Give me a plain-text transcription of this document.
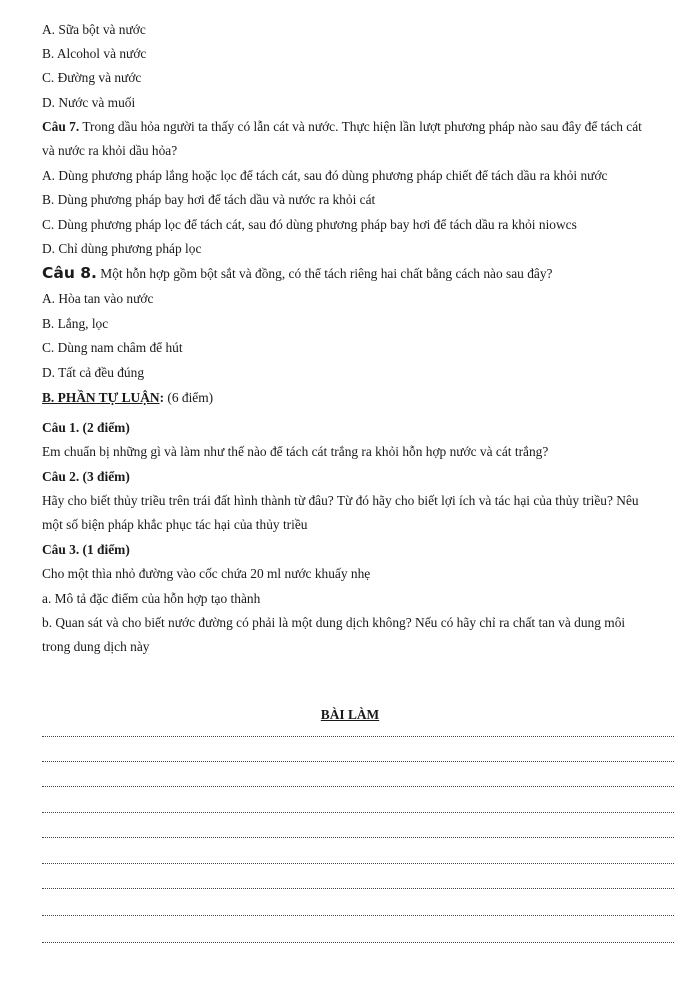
A. Sữa bột và nước
B. Alcohol và nước
C. Đường và nước
D. Nước và muối
Câu 7. Trong dầu hỏa người ta thấy có lẫn cát và nước. Thực hiện lần lượt phương pháp nào sau đây để tách cát
và nước ra khỏi dầu hỏa?
A. Dùng phương pháp lắng hoặc lọc để tách cát, sau đó dùng phương pháp chiết để tách dầu ra khỏi nước
B. Dùng phương pháp bay hơi để tách dầu và nước ra khỏi cát
C. Dùng phương pháp lọc để tách cát, sau đó dùng phương pháp bay hơi để tách dầu ra khỏi niowcs
D. Chỉ dùng phương pháp lọc
Câu 8. Một hỗn hợp gồm bột sắt và đồng, có thể tách riêng hai chất bằng cách nào sau đây?
A. Hòa tan vào nước
B. Lắng, lọc
C. Dùng nam châm để hút
D. Tất cả đều đúng
B. PHẦN TỰ LUẬN: (6 điểm)
Câu 1. (2 điểm)
Em chuẩn bị những gì và làm như thế nào để tách cát trắng ra khỏi hỗn hợp nước và cát trắng?
Câu 2. (3 điểm)
Hãy cho biết thủy triều trên trái đất hình thành từ đâu? Từ đó hãy cho biết lợi ích và tác hại của thủy triều? Nêu
một số biện pháp khắc phục tác hại của thủy triều
Câu 3. (1 điểm)
Cho một thìa nhỏ đường vào cốc chứa 20 ml nước khuấy nhẹ
a. Mô tả đặc điểm của hỗn hợp tạo thành
b. Quan sát và cho biết nước đường có phải là một dung dịch không? Nếu có hãy chỉ ra chất tan và dung môi
trong dung dịch này
BÀI LÀM
